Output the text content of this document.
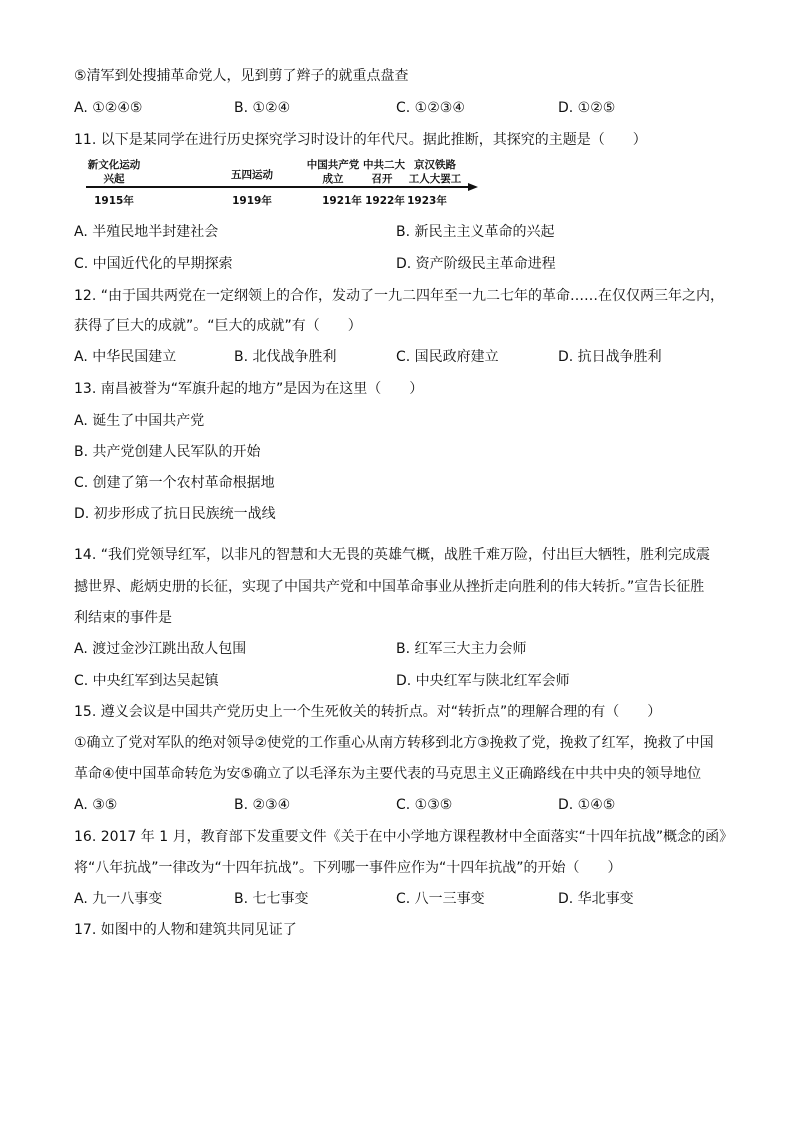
⑤清军到处搜捕革命党人，见到剪了辫子的就重点盘查
A. ①②④⑤	B. ①②④	C. ①②③④	D. ①②⑤
11. 以下是某同学在进行历史探究学习时设计的年代尺。据此推断，其探究的主题是（　　）
新文化运动
兴起
1915年
五四运动
1919年
中国共产党
成立
1921年
中共二大
召开
1922年
京汉铁路
工人大罢工
1923年
A. 半殖民地半封建社会	B. 新民主主义革命的兴起
C. 中国近代化的早期探索	D. 资产阶级民主革命进程
12. “由于国共两党在一定纲领上的合作，发动了一九二四年至一九二七年的革命……在仅仅两三年之内，
获得了巨大的成就”。“巨大的成就”有（　　）
A. 中华民国建立	B. 北伐战争胜利	C. 国民政府建立	D. 抗日战争胜利
13. 南昌被誉为“军旗升起的地方”是因为在这里（　　）
A. 诞生了中国共产党
B. 共产党创建人民军队的开始
C. 创建了第一个农村革命根据地
D. 初步形成了抗日民族统一战线
14. “我们党领导红军，以非凡的智慧和大无畏的英雄气概，战胜千难万险，付出巨大牺牲，胜利完成震
撼世界、彪炳史册的长征，实现了中国共产党和中国革命事业从挫折走向胜利的伟大转折。”宣告长征胜
利结束的事件是
A. 渡过金沙江跳出敌人包围	B. 红军三大主力会师
C. 中央红军到达吴起镇	D. 中央红军与陕北红军会师
15. 遵义会议是中国共产党历史上一个生死攸关的转折点。对“转折点”的理解合理的有（　　）
①确立了党对军队的绝对领导②使党的工作重心从南方转移到北方③挽救了党，挽救了红军，挽救了中国
革命④使中国革命转危为安⑤确立了以毛泽东为主要代表的马克思主义正确路线在中共中央的领导地位
A. ③⑤	B. ②③④	C. ①③⑤	D. ①④⑤
16. 2017 年 1 月，教育部下发重要文件《关于在中小学地方课程教材中全面落实“十四年抗战”概念的函》
将“八年抗战”一律改为“十四年抗战”。下列哪一事件应作为“十四年抗战”的开始（　　）
A. 九一八事变	B. 七七事变	C. 八一三事变	D. 华北事变
17. 如图中的人物和建筑共同见证了
